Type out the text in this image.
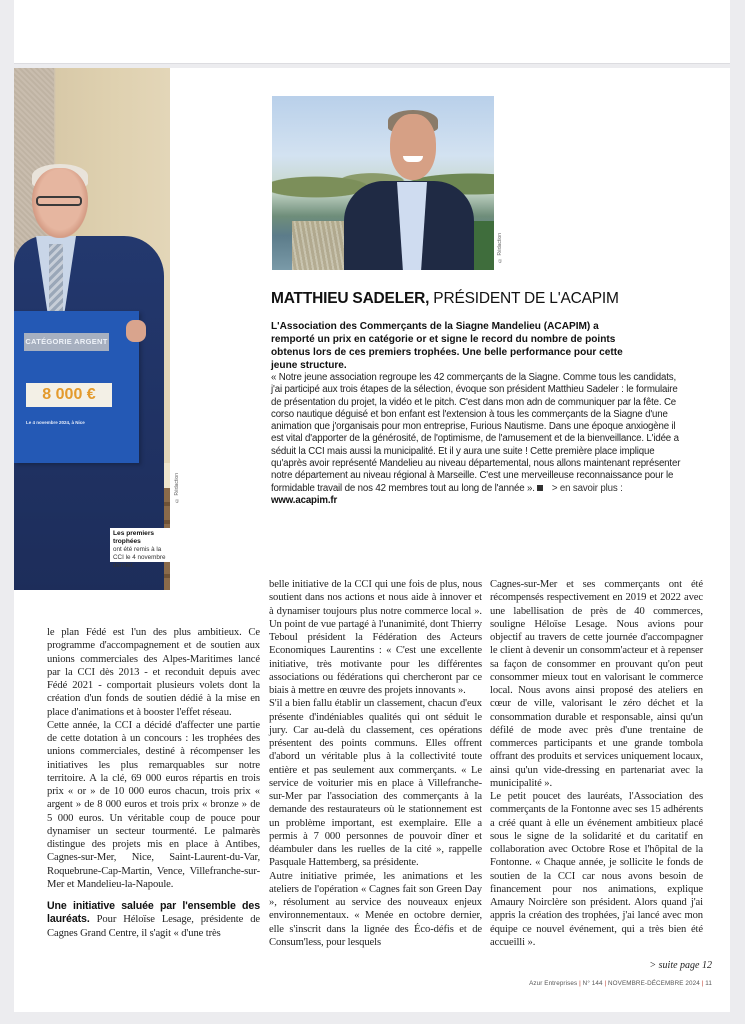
CATÉGORIE ARGENT
8 000 €
Le 4 novembre 2024, à Nice
Les premiers trophées
ont été remis à la CCI le 4 novembre dernier.
© Rédaction
© Rédaction
MATTHIEU SADELER, PRÉSIDENT DE L'ACAPIM
L'Association des Commerçants de la Siagne Mandelieu (ACAPIM) a remporté un prix en catégorie or et signe le record du nombre de points obtenus lors de ces premiers trophées. Une belle performance pour cette jeune structure.
« Notre jeune association regroupe les 42 commerçants de la Siagne. Comme tous les candidats, j'ai participé aux trois étapes de la sélection, évoque son président Matthieu Sadeler : le formulaire de présentation du projet, la vidéo et le pitch. C'est dans mon adn de communiquer par la fête. Ce corso nautique déguisé et bon enfant est l'extension à tous les commerçants de la Siagne d'une animation que j'organisais pour mon entreprise, Furious Nautisme. Dans une époque anxiogène il est vital d'apporter de la générosité, de l'optimisme, de l'amusement et de la bienveillance. L'idée a séduit la CCI mais aussi la municipalité. Et il y aura une suite ! Cette première place implique qu'après avoir représenté Mandelieu au niveau départemental, nous allons maintenant représenter notre département au niveau régional à Marseille. C'est une merveilleuse reconnaissance pour le formidable travail de nos 42 membres tout au long de l'année ». > en savoir plus : www.acapim.fr

le plan Fédé est l'un des plus ambitieux. Ce programme d'accompagnement et de soutien aux unions commerciales des Alpes-Maritimes lancé par la CCI dès 2013 - et reconduit depuis avec Fédé 2021 - comportait plusieurs volets dont la création d'un fonds de soutien dédié à la mise en place d'animations et à booster l'effet réseau.

Cette année, la CCI a décidé d'affecter une partie de cette dotation à un concours : les trophées des unions commerciales, destiné à récompenser les initiatives les plus remarquables sur notre territoire. A la clé, 69 000 euros répartis en trois prix « or » de 10 000 euros chacun, trois prix « argent » de 8 000 euros et trois prix « bronze » de 5 000 euros. Un véritable coup de pouce pour dynamiser un secteur tourmenté. Le palmarès distingue des projets mis en place à Antibes, Cagnes-sur-Mer, Nice, Saint-Laurent-du-Var, Roquebrune-Cap-Martin, Vence, Villefranche-sur-Mer et Mandelieu-la-Napoule.

Une initiative saluée par l'ensemble des lauréats. Pour Héloïse Lesage, présidente de Cagnes Grand Centre, il s'agit « d'une très

belle initiative de la CCI qui une fois de plus, nous soutient dans nos actions et nous aide à innover et à dynamiser toujours plus notre commerce local ». Un point de vue partagé à l'unanimité, dont Thierry Teboul président la Fédération des Acteurs Economiques Laurentins : « C'est une excellente initiative, très motivante pour les différentes associations ou fédérations qui chercheront par ce biais à mettre en œuvre des projets innovants ».

S'il a bien fallu établir un classement, chacun d'eux présente d'indéniables qualités qui ont séduit le jury. Car au-delà du classement, ces opérations présentent des points communs. Elles offrent d'abord un véritable plus à la collectivité toute entière et pas seulement aux commerçants. « Le service de voiturier mis en place à Villefranche-sur-Mer par l'association des commerçants à la demande des restaurateurs où le stationnement est un problème important, est exemplaire. Elle a permis à 7 000 personnes de pouvoir dîner et déambuler dans les ruelles de la cité », rappelle Pasquale Hattemberg, sa présidente.

Autre initiative primée, les animations et les ateliers de l'opération « Cagnes fait son Green Day », résolument au service des nouveaux enjeux environnementaux. « Menée en octobre dernier, elle s'inscrit dans la lignée des Éco-défis et de Consum'less, pour lesquels

Cagnes-sur-Mer et ses commerçants ont été récompensés respectivement en 2019 et 2022 avec une labellisation de près de 40 commerces, souligne Héloïse Lesage. Nous avions pour objectif au travers de cette journée d'accompagner le client à devenir un consomm'acteur et à repenser sa façon de consommer en prouvant qu'on peut consommer mieux tout en valorisant le commerce local. Nous avons ainsi proposé des ateliers en cœur de ville, valorisant le zéro déchet et la consommation durable et responsable, ainsi qu'un défilé de mode avec près d'une trentaine de commerces participants et une grande tombola offrant des produits et services uniquement locaux, ainsi qu'un vide-dressing en partenariat avec la municipalité ».

Le petit poucet des lauréats, l'Association des commerçants de la Fontonne avec ses 15 adhérents a créé quant à elle un événement ambitieux placé sous le signe de la solidarité et du caritatif en collaboration avec Octobre Rose et l'hôpital de la Fontonne. « Chaque année, je sollicite le fonds de soutien de la CCI car nous avons besoin de financement pour nos animations, explique Amaury Noirclère son président. Alors quand j'ai appris la création des trophées, j'ai lancé avec mon équipe ce nouvel événement, qui a très bien été accueilli ».

> suite page 12
Azur Entreprises | N° 144 | NOVEMBRE-DÉCEMBRE 2024 | 11
